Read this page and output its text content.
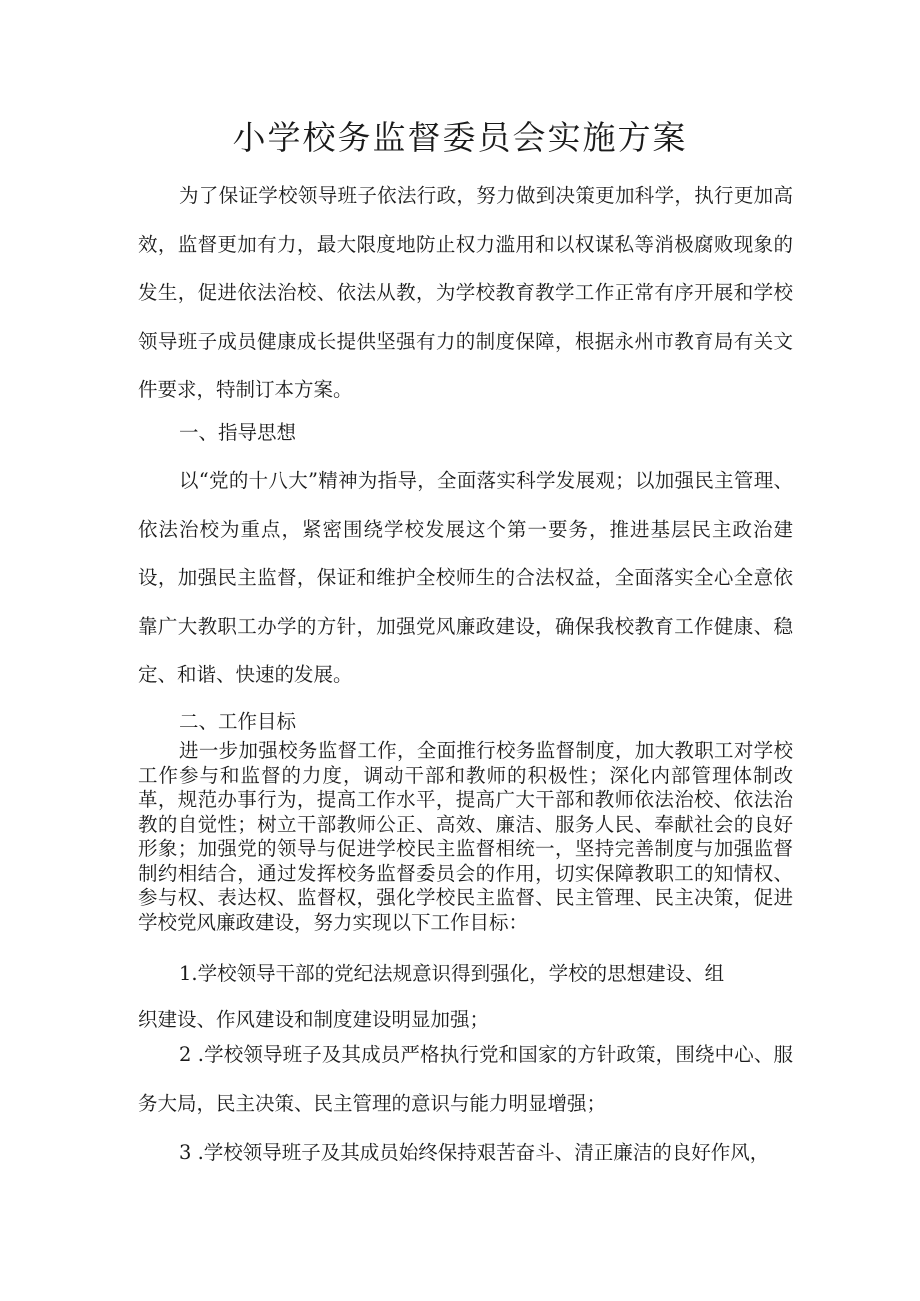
小学校务监督委员会实施方案

为了保证学校领导班子依法行政，努力做到决策更加科学，执行更加高效，监督更加有力，最大限度地防止权力滥用和以权谋私等消极腐败现象的发生，促进依法治校、依法从教，为学校教育教学工作正常有序开展和学校领导班子成员健康成长提供坚强有力的制度保障，根据永州市教育局有关文件要求，特制订本方案。

一、指导思想

以“党的十八大”精神为指导，全面落实科学发展观；以加强民主管理、依法治校为重点，紧密围绕学校发展这个第一要务，推进基层民主政治建设，加强民主监督，保证和维护全校师生的合法权益，全面落实全心全意依靠广大教职工办学的方针，加强党风廉政建设，确保我校教育工作健康、稳定、和谐、快速的发展。

二、工作目标

进一步加强校务监督工作，全面推行校务监督制度，加大教职工对学校工作参与和监督的力度，调动干部和教师的积极性；深化内部管理体制改革，规范办事行为，提高工作水平，提高广大干部和教师依法治校、依法治教的自觉性；树立干部教师公正、高效、廉洁、服务人民、奉献社会的良好形象；加强党的领导与促进学校民主监督相统一，坚持完善制度与加强监督制约相结合，通过发挥校务监督委员会的作用，切实保障教职工的知情权、参与权、表达权、监督权，强化学校民主监督、民主管理、民主决策，促进学校党风廉政建设，努力实现以下工作目标：

1.学校领导干部的党纪法规意识得到强化，学校的思想建设、组

织建设、作风建设和制度建设明显加强；

2 .学校领导班子及其成员严格执行党和国家的方针政策，围绕中心、服务大局，民主决策、民主管理的意识与能力明显增强；

3 .学校领导班子及其成员始终保持艰苦奋斗、清正廉洁的良好作风，
